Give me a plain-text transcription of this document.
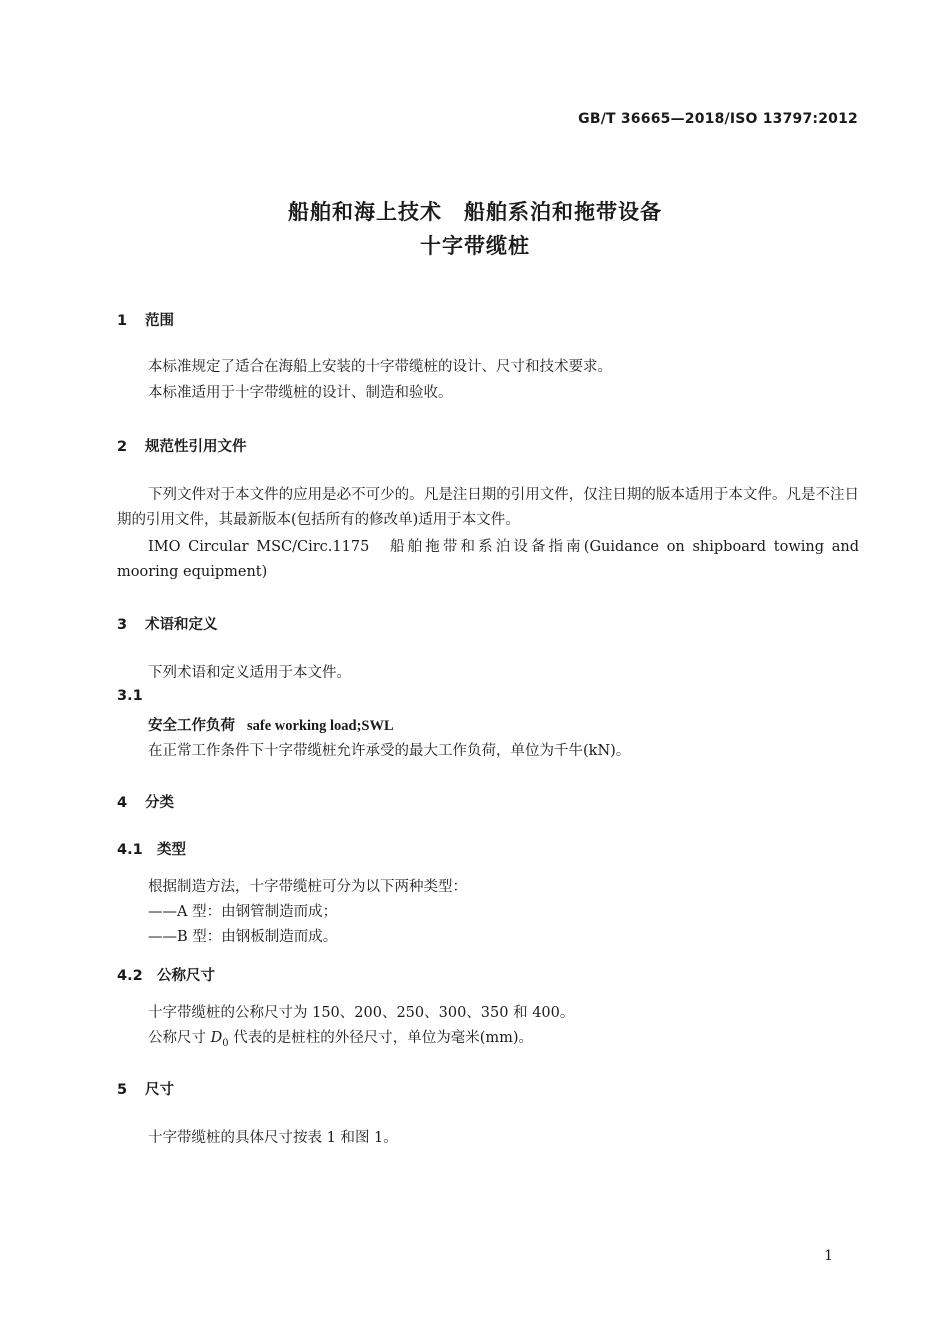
GB/T 36665—2018/ISO 13797:2012
船舶和海上技术　船舶系泊和拖带设备
十字带缆桩
1 范围
本标准规定了适合在海船上安装的十字带缆桩的设计、尺寸和技术要求。
本标准适用于十字带缆桩的设计、制造和验收。
2 规范性引用文件
下列文件对于本文件的应用是必不可少的。凡是注日期的引用文件，仅注日期的版本适用于本文件。凡是不注日期的引用文件，其最新版本(包括所有的修改单)适用于本文件。
IMO Circular MSC/Circ.1175　船舶拖带和系泊设备指南(Guidance on shipboard towing and mooring equipment)
3 术语和定义
下列术语和定义适用于本文件。
3.1
安全工作负荷 safe working load;SWL
在正常工作条件下十字带缆桩允许承受的最大工作负荷，单位为千牛(kN)。
4 分类
4.1 类型
根据制造方法，十字带缆桩可分为以下两种类型：
——A 型：由钢管制造而成；
——B 型：由钢板制造而成。
4.2 公称尺寸
十字带缆桩的公称尺寸为 150、200、250、300、350 和 400。
公称尺寸 $D_0$ 代表的是桩柱的外径尺寸，单位为毫米(mm)。
5 尺寸
十字带缆桩的具体尺寸按表 1 和图 1。
1
